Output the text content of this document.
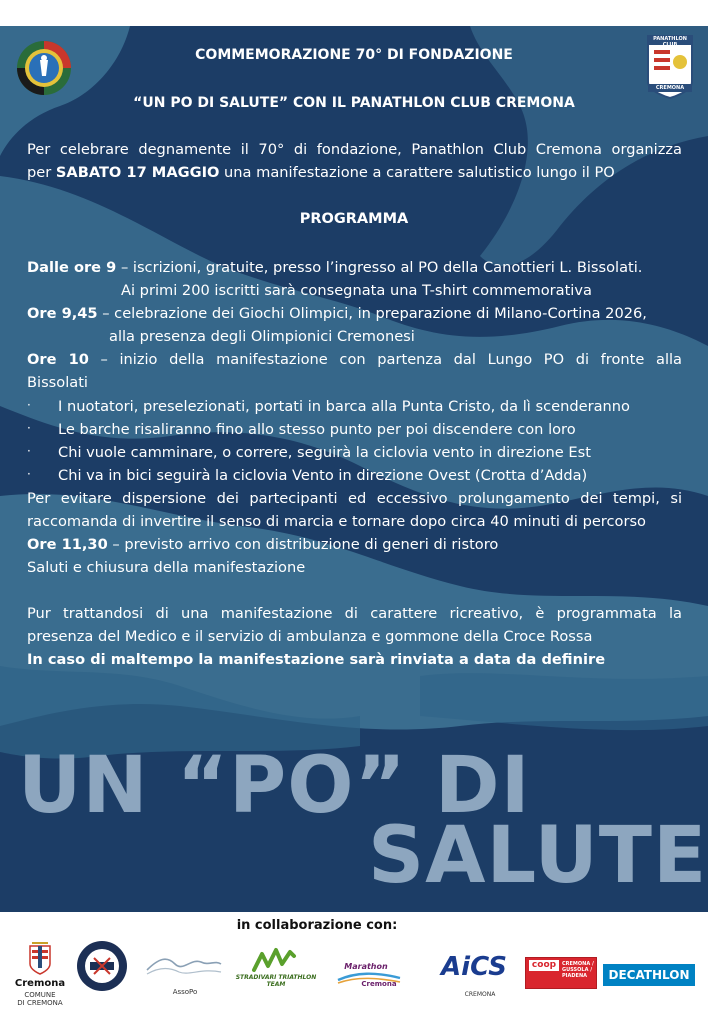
PANATHLON CLUB
CREMONA
COMMEMORAZIONE 70° DI FONDAZIONE
“UN PO DI SALUTE” CON IL PANATHLON CLUB CREMONA
Per celebrare degnamente il 70° di fondazione, Panathlon Club Cremona organizza
per SABATO 17 MAGGIO una manifestazione a carattere salutistico lungo il PO
PROGRAMMA
Dalle ore 9 – iscrizioni, gratuite, presso l’ingresso al PO della Canottieri L. Bissolati.
Ai primi 200 iscritti sarà consegnata una T-shirt commemorativa
Ore 9,45 – celebrazione dei Giochi Olimpici, in preparazione di Milano-Cortina 2026,
alla presenza degli Olimpionici Cremonesi
Ore 10 – inizio della manifestazione con partenza dal Lungo PO di fronte alla
Bissolati
· I nuotatori, preselezionati, portati in barca alla Punta Cristo, da lì scenderanno
· Le barche risaliranno fino allo stesso punto per poi discendere con loro
· Chi vuole camminare, o correre, seguirà la ciclovia vento in direzione Est
· Chi va in bici seguirà la ciclovia Vento in direzione Ovest (Crotta d’Adda)
Per evitare dispersione dei partecipanti ed eccessivo prolungamento dei tempi, si
raccomanda di invertire il senso di marcia e tornare dopo circa 40 minuti di percorso
Ore 11,30 – previsto arrivo con distribuzione di generi di ristoro
Saluti e chiusura della manifestazione
Pur trattandosi di una manifestazione di carattere ricreativo, è programmata la
presenza del Medico e il servizio di ambulanza e gommone della Croce Rossa
In caso di maltempo la manifestazione sarà rinviata a data da definire
UN “PO” DI
SALUTE
in collaborazione con:
Cremona
COMUNE
DI CREMONA
AssoPo
STRADIVARI TRIATHLON TEAM
Marathon
Cremona
AiCS
CREMONA
coop	CREMONA / GUSSOLA / PIADENA	DECATHLON
